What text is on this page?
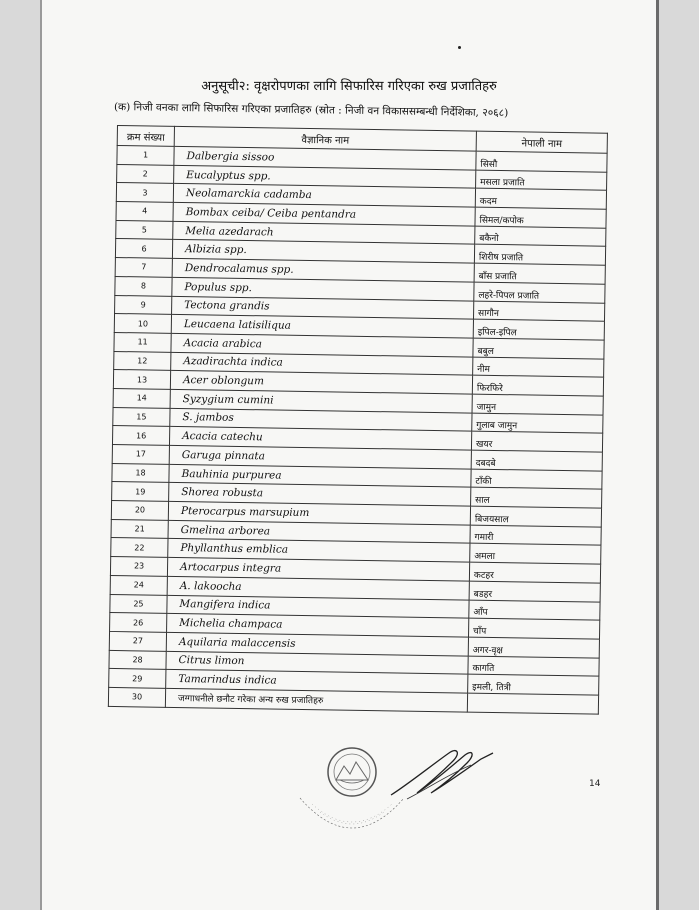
अनुसूची२: वृक्षरोपणका लागि सिफारिस गरिएका रुख प्रजातिहरु
(क) निजी वनका लागि सिफारिस गरिएका प्रजातिहरु (स्रोत : निजी वन विकाससम्बन्धी निर्देशिका, २०६८)
क्रम संख्या	वैज्ञानिक नाम	नेपाली नाम
1	Dalbergia sissoo	सिसौ
2	Eucalyptus spp.	मसला प्रजाति
3	Neolamarckia cadamba	कदम
4	Bombax ceiba/ Ceiba pentandra	सिमल/कपोक
5	Melia azedarach	बकैनो
6	Albizia spp.	शिरीष प्रजाति
7	Dendrocalamus spp.	बाँस प्रजाति
8	Populus spp.	लहरे-पिपल प्रजाति
9	Tectona grandis	सागौन
10	Leucaena latisiliqua	इपिल-इपिल
11	Acacia arabica	बबुल
12	Azadirachta indica	नीम
13	Acer oblongum	फिरफिरे
14	Syzygium cumini	जामुन
15	S. jambos	गुलाब जामुन
16	Acacia catechu	खयर
17	Garuga pinnata	दबदबे
18	Bauhinia purpurea	टाँकी
19	Shorea robusta	साल
20	Pterocarpus marsupium	बिजयसाल
21	Gmelina arborea	गमारी
22	Phyllanthus emblica	अमला
23	Artocarpus integra	कटहर
24	A. lakoocha	बडहर
25	Mangifera indica	आँप
26	Michelia champaca	चाँप
27	Aquilaria malaccensis	अगर-वृक्ष
28	Citrus limon	कागति
29	Tamarindus indica	इमली, तित्री
30	जग्गाधनीले छनौट गरेका अन्य रुख प्रजातिहरु	
14
